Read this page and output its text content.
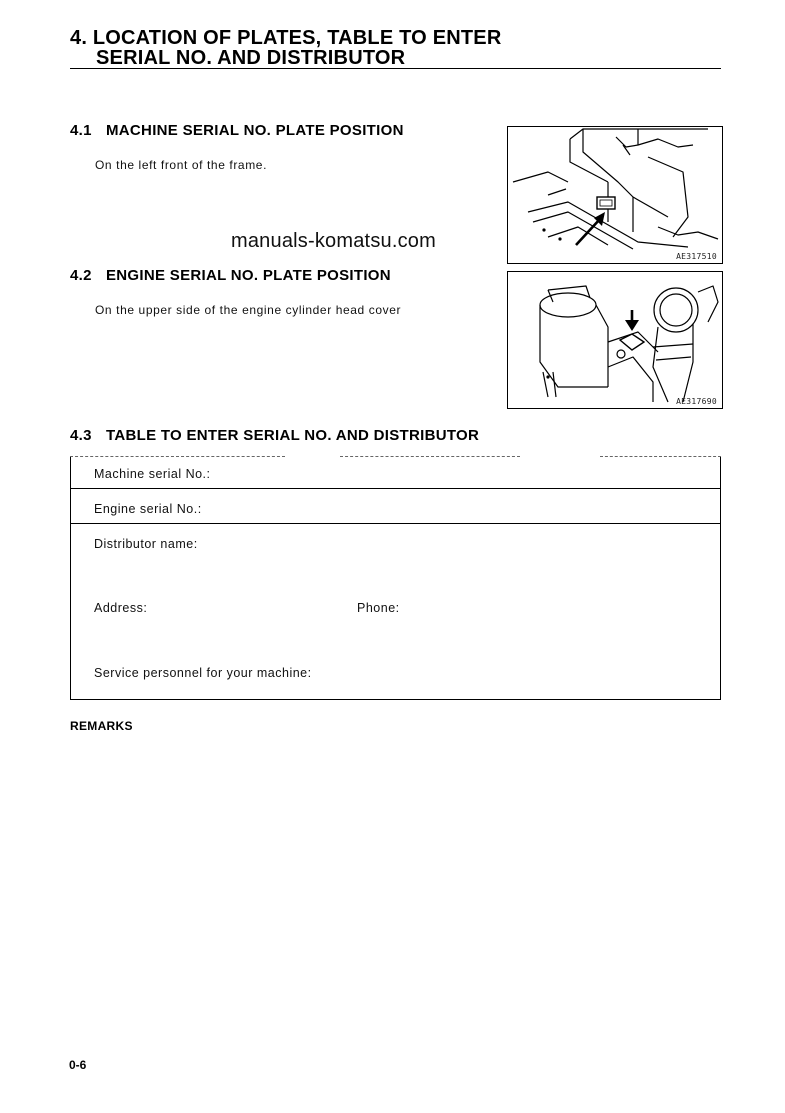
4. LOCATION OF PLATES, TABLE TO ENTER
SERIAL NO. AND DISTRIBUTOR
4.1 MACHINE SERIAL NO. PLATE POSITION
On the left front of the frame.
AE317510
manuals-komatsu.com
4.2 ENGINE SERIAL NO. PLATE POSITION
On the upper side of the engine cylinder head cover
AE317690
4.3 TABLE TO ENTER SERIAL NO. AND DISTRIBUTOR
Machine serial No.:
Engine serial No.:
Distributor name:
Address:	Phone:
Service personnel for your machine:
REMARKS
0-6
